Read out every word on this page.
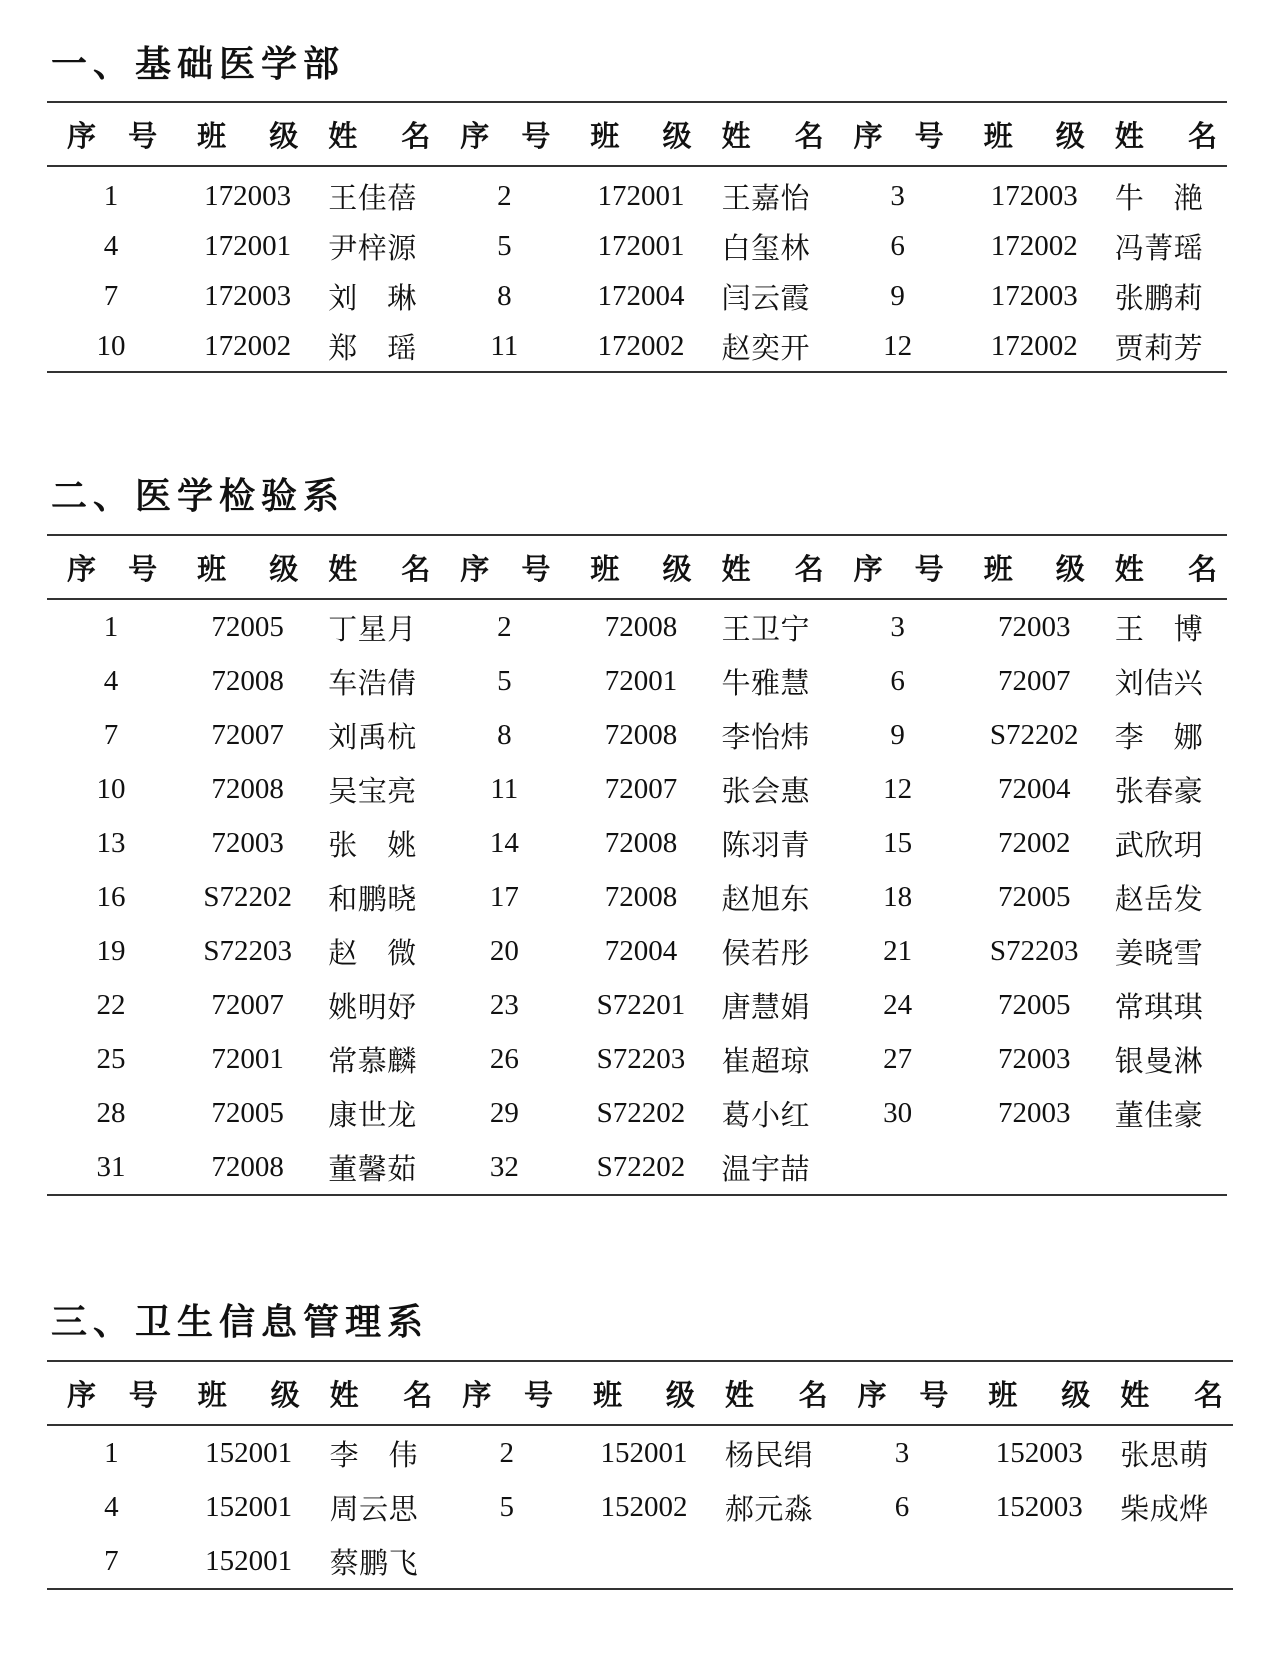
一、基础医学部
序 号	班 级	姓 名	序 号	班 级	姓 名	序 号	班 级	姓 名

1	172003	王佳蓓	2	172001	王嘉怡	3	172003	牛 滟
4	172001	尹梓源	5	172001	白玺林	6	172002	冯菁瑶
7	172003	刘 琳	8	172004	闫云霞	9	172003	张鹏莉
10	172002	郑 瑶	11	172002	赵奕开	12	172002	贾莉芳
二、医学检验系
序 号	班 级	姓 名	序 号	班 级	姓 名	序 号	班 级	姓 名

1	72005	丁星月	2	72008	王卫宁	3	72003	王 博
4	72008	车浩倩	5	72001	牛雅慧	6	72007	刘佶兴
7	72007	刘禹杭	8	72008	李怡炜	9	S72202	李 娜
10	72008	吴宝亮	11	72007	张会惠	12	72004	张春豪
13	72003	张 姚	14	72008	陈羽青	15	72002	武欣玥
16	S72202	和鹏晓	17	72008	赵旭东	18	72005	赵岳发
19	S72203	赵 微	20	72004	侯若彤	21	S72203	姜晓雪
22	72007	姚明妤	23	S72201	唐慧娟	24	72005	常琪琪
25	72001	常慕麟	26	S72203	崔超琼	27	72003	银曼淋
28	72005	康世龙	29	S72202	葛小红	30	72003	董佳豪
31	72008	董馨茹	32	S72202	温宇喆			
三、卫生信息管理系
序 号	班 级	姓 名	序 号	班 级	姓 名	序 号	班 级	姓 名

1	152001	李 伟	2	152001	杨民绢	3	152003	张思萌
4	152001	周云思	5	152002	郝元淼	6	152003	柴成烨
7	152001	蔡鹏飞						
